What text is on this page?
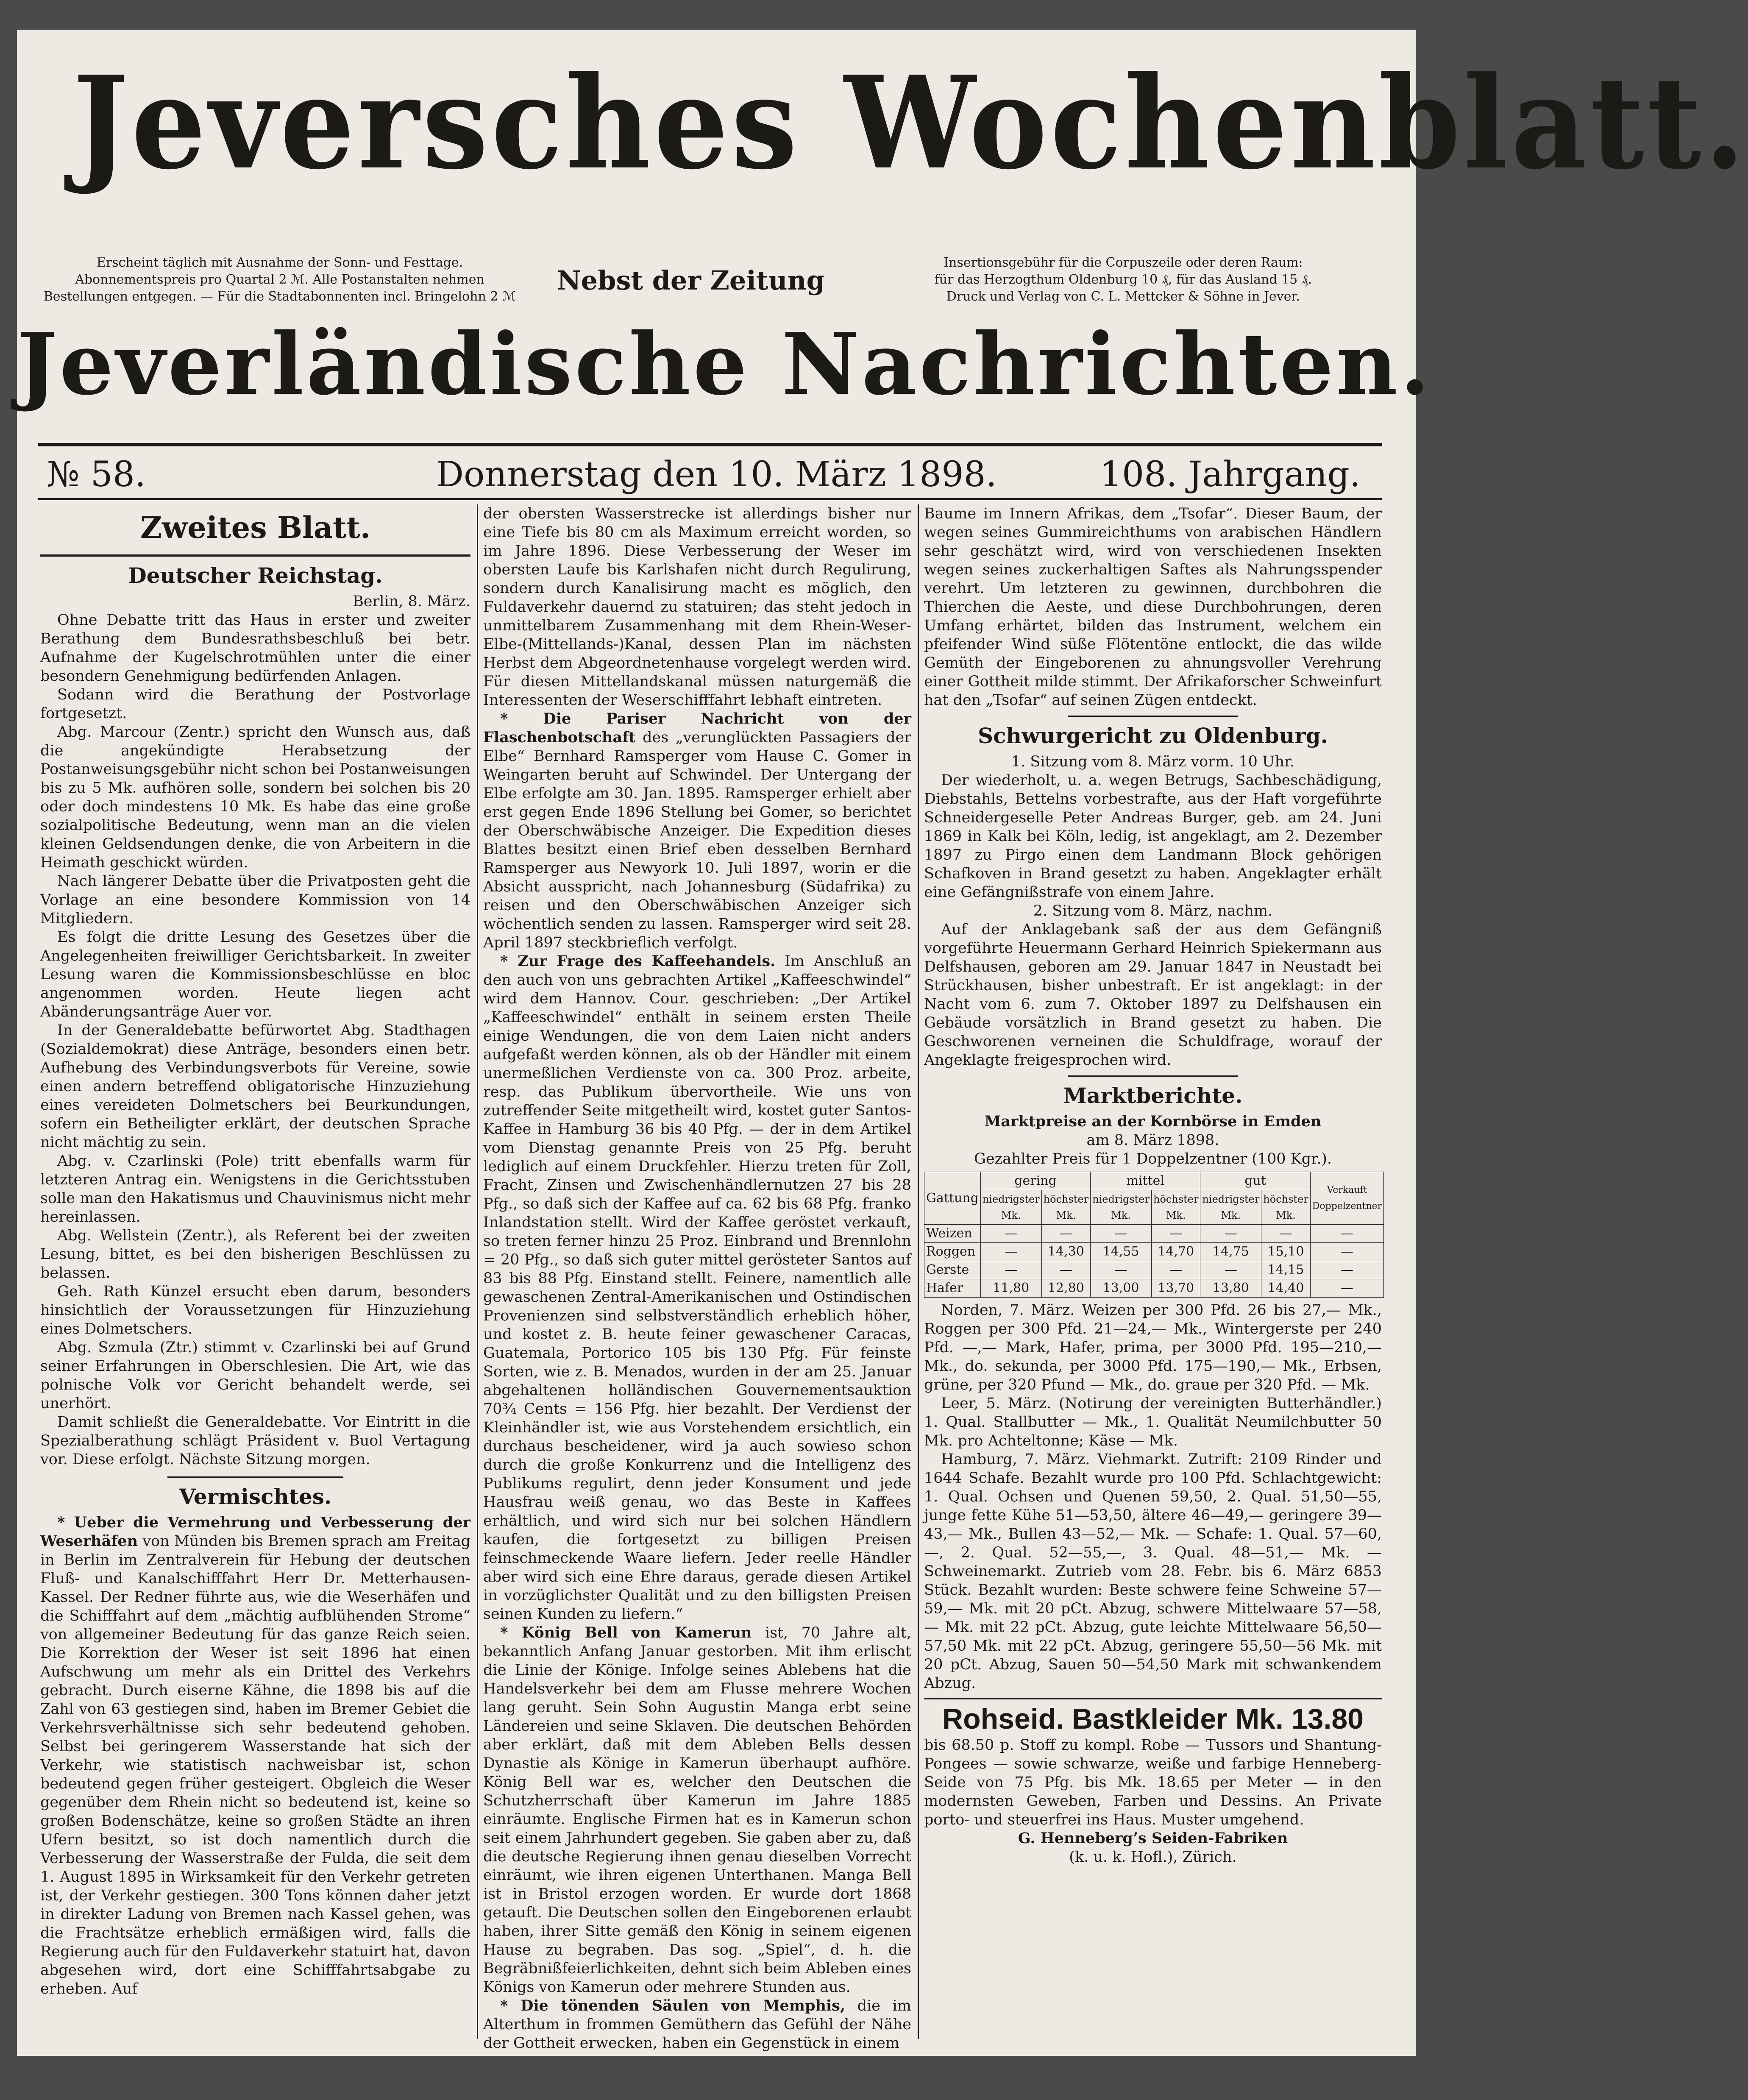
Jeversches Wochenblatt.
Erscheint täglich mit Ausnahme der Sonn- und Festtage.
Abonnementspreis pro Quartal 2 ℳ. Alle Postanstalten nehmen
Bestellungen entgegen. — Für die Stadtabonnenten incl. Bringelohn 2 ℳ
Nebst der Zeitung
Insertionsgebühr für die Corpuszeile oder deren Raum:
für das Herzogthum Oldenburg 10 ₰, für das Ausland 15 ₰.
Druck und Verlag von C. L. Mettcker & Söhne in Jever.
Jeverländische Nachrichten.
№ 58.	Donnerstag den 10. März 1898.	108. Jahrgang.
Zweites Blatt.
Deutscher Reichstag.

Berlin, 8. März.

Ohne Debatte tritt das Haus in erster und zweiter Berathung dem Bundesrathsbeschluß bei betr. Aufnahme der Kugelschrotmühlen unter die einer besondern Genehmigung bedürfenden Anlagen.

Sodann wird die Berathung der Postvorlage fortgesetzt.

Abg. Marcour (Zentr.) spricht den Wunsch aus, daß die angekündigte Herabsetzung der Postanweisungsgebühr nicht schon bei Postanweisungen bis zu 5 Mk. aufhören solle, sondern bei solchen bis 20 oder doch mindestens 10 Mk. Es habe das eine große sozialpolitische Bedeutung, wenn man an die vielen kleinen Geldsendungen denke, die von Arbeitern in die Heimath geschickt würden.

Nach längerer Debatte über die Privatposten geht die Vorlage an eine besondere Kommission von 14 Mitgliedern.

Es folgt die dritte Lesung des Gesetzes über die Angelegenheiten freiwilliger Gerichtsbarkeit. In zweiter Lesung waren die Kommissionsbeschlüsse en bloc angenommen worden. Heute liegen acht Abänderungsanträge Auer vor.

In der Generaldebatte befürwortet Abg. Stadthagen (Sozialdemokrat) diese Anträge, besonders einen betr. Aufhebung des Verbindungsverbots für Vereine, sowie einen andern betreffend obligatorische Hinzuziehung eines vereideten Dolmetschers bei Beurkundungen, sofern ein Betheiligter erklärt, der deutschen Sprache nicht mächtig zu sein.

Abg. v. Czarlinski (Pole) tritt ebenfalls warm für letzteren Antrag ein. Wenigstens in die Gerichtsstuben solle man den Hakatismus und Chauvinismus nicht mehr hereinlassen.

Abg. Wellstein (Zentr.), als Referent bei der zweiten Lesung, bittet, es bei den bisherigen Beschlüssen zu belassen.

Geh. Rath Künzel ersucht eben darum, besonders hinsichtlich der Voraussetzungen für Hinzuziehung eines Dolmetschers.

Abg. Szmula (Ztr.) stimmt v. Czarlinski bei auf Grund seiner Erfahrungen in Oberschlesien. Die Art, wie das polnische Volk vor Gericht behandelt werde, sei unerhört.

Damit schließt die Generaldebatte. Vor Eintritt in die Spezialberathung schlägt Präsident v. Buol Vertagung vor. Diese erfolgt. Nächste Sitzung morgen.

Vermischtes.

* Ueber die Vermehrung und Verbesserung der Weserhäfen von Münden bis Bremen sprach am Freitag in Berlin im Zentralverein für Hebung der deutschen Fluß- und Kanalschifffahrt Herr Dr. Metterhausen-Kassel. Der Redner führte aus, wie die Weserhäfen und die Schifffahrt auf dem „mächtig aufblühenden Strome“ von allgemeiner Bedeutung für das ganze Reich seien. Die Korrektion der Weser ist seit 1896 hat einen Aufschwung um mehr als ein Drittel des Verkehrs gebracht. Durch eiserne Kähne, die 1898 bis auf die Zahl von 63 gestiegen sind, haben im Bremer Gebiet die Verkehrsverhältnisse sich sehr bedeutend gehoben. Selbst bei geringerem Wasserstande hat sich der Verkehr, wie statistisch nachweisbar ist, schon bedeutend gegen früher gesteigert. Obgleich die Weser gegenüber dem Rhein nicht so bedeutend ist, keine so großen Bodenschätze, keine so großen Städte an ihren Ufern besitzt, so ist doch namentlich durch die Verbesserung der Wasserstraße der Fulda, die seit dem 1. August 1895 in Wirksamkeit für den Verkehr getreten ist, der Verkehr gestiegen. 300 Tons können daher jetzt in direkter Ladung von Bremen nach Kassel gehen, was die Frachtsätze erheblich ermäßigen wird, falls die Regierung auch für den Fuldaverkehr statuirt hat, davon abgesehen wird, dort eine Schifffahrtsabgabe zu erheben. Auf

der obersten Wasserstrecke ist allerdings bisher nur eine Tiefe bis 80 cm als Maximum erreicht worden, so im Jahre 1896. Diese Verbesserung der Weser im obersten Laufe bis Karlshafen nicht durch Regulirung, sondern durch Kanalisirung macht es möglich, den Fuldaverkehr dauernd zu statuiren; das steht jedoch in unmittelbarem Zusammenhang mit dem Rhein-Weser-Elbe-(Mittellands-)Kanal, dessen Plan im nächsten Herbst dem Abgeordnetenhause vorgelegt werden wird. Für diesen Mittellandskanal müssen naturgemäß die Interessenten der Weserschifffahrt lebhaft eintreten.

* Die Pariser Nachricht von der Flaschenbotschaft des „verunglückten Passagiers der Elbe“ Bernhard Ramsperger vom Hause C. Gomer in Weingarten beruht auf Schwindel. Der Untergang der Elbe erfolgte am 30. Jan. 1895. Ramsperger erhielt aber erst gegen Ende 1896 Stellung bei Gomer, so berichtet der Oberschwäbische Anzeiger. Die Expedition dieses Blattes besitzt einen Brief eben desselben Bernhard Ramsperger aus Newyork 10. Juli 1897, worin er die Absicht ausspricht, nach Johannesburg (Südafrika) zu reisen und den Oberschwäbischen Anzeiger sich wöchentlich senden zu lassen. Ramsperger wird seit 28. April 1897 steckbrieflich verfolgt.

* Zur Frage des Kaffeehandels. Im Anschluß an den auch von uns gebrachten Artikel „Kaffeeschwindel“ wird dem Hannov. Cour. geschrieben: „Der Artikel „Kaffeeschwindel“ enthält in seinem ersten Theile einige Wendungen, die von dem Laien nicht anders aufgefaßt werden können, als ob der Händler mit einem unermeßlichen Verdienste von ca. 300 Proz. arbeite, resp. das Publikum übervortheile. Wie uns von zutreffender Seite mitgetheilt wird, kostet guter Santos-Kaffee in Hamburg 36 bis 40 Pfg. — der in dem Artikel vom Dienstag genannte Preis von 25 Pfg. beruht lediglich auf einem Druckfehler. Hierzu treten für Zoll, Fracht, Zinsen und Zwischenhändlernutzen 27 bis 28 Pfg., so daß sich der Kaffee auf ca. 62 bis 68 Pfg. franko Inlandstation stellt. Wird der Kaffee geröstet verkauft, so treten ferner hinzu 25 Proz. Einbrand und Brennlohn = 20 Pfg., so daß sich guter mittel gerösteter Santos auf 83 bis 88 Pfg. Einstand stellt. Feinere, namentlich alle gewaschenen Zentral-Amerikanischen und Ostindischen Provenienzen sind selbstverständlich erheblich höher, und kostet z. B. heute feiner gewaschener Caracas, Guatemala, Portorico 105 bis 130 Pfg. Für feinste Sorten, wie z. B. Menados, wurden in der am 25. Januar abgehaltenen holländischen Gouvernementsauktion 70¾ Cents = 156 Pfg. hier bezahlt. Der Verdienst der Kleinhändler ist, wie aus Vorstehendem ersichtlich, ein durchaus bescheidener, wird ja auch sowieso schon durch die große Konkurrenz und die Intelligenz des Publikums regulirt, denn jeder Konsument und jede Hausfrau weiß genau, wo das Beste in Kaffees erhältlich, und wird sich nur bei solchen Händlern kaufen, die fortgesetzt zu billigen Preisen feinschmeckende Waare liefern. Jeder reelle Händler aber wird sich eine Ehre daraus, gerade diesen Artikel in vorzüglichster Qualität und zu den billigsten Preisen seinen Kunden zu liefern.“

* König Bell von Kamerun ist, 70 Jahre alt, bekanntlich Anfang Januar gestorben. Mit ihm erlischt die Linie der Könige. Infolge seines Ablebens hat die Handelsverkehr bei dem am Flusse mehrere Wochen lang geruht. Sein Sohn Augustin Manga erbt seine Ländereien und seine Sklaven. Die deutschen Behörden aber erklärt, daß mit dem Ableben Bells dessen Dynastie als Könige in Kamerun überhaupt aufhöre. König Bell war es, welcher den Deutschen die Schutzherrschaft über Kamerun im Jahre 1885 einräumte. Englische Firmen hat es in Kamerun schon seit einem Jahrhundert gegeben. Sie gaben aber zu, daß die deutsche Regierung ihnen genau dieselben Vorrecht einräumt, wie ihren eigenen Unterthanen. Manga Bell ist in Bristol erzogen worden. Er wurde dort 1868 getauft. Die Deutschen sollen den Eingeborenen erlaubt haben, ihrer Sitte gemäß den König in seinem eigenen Hause zu begraben. Das sog. „Spiel“, d. h. die Begräbnißfeierlichkeiten, dehnt sich beim Ableben eines Königs von Kamerun oder mehrere Stunden aus.

* Die tönenden Säulen von Memphis, die im Alterthum in frommen Gemüthern das Gefühl der Nähe der Gottheit erwecken, haben ein Gegenstück in einem

Baume im Innern Afrikas, dem „Tsofar“. Dieser Baum, der wegen seines Gummireichthums von arabischen Händlern sehr geschätzt wird, wird von verschiedenen Insekten wegen seines zuckerhaltigen Saftes als Nahrungsspender verehrt. Um letzteren zu gewinnen, durchbohren die Thierchen die Aeste, und diese Durchbohrungen, deren Umfang erhärtet, bilden das Instrument, welchem ein pfeifender Wind süße Flötentöne entlockt, die das wilde Gemüth der Eingeborenen zu ahnungsvoller Verehrung einer Gottheit milde stimmt. Der Afrikaforscher Schweinfurt hat den „Tsofar“ auf seinen Zügen entdeckt.

Schwurgericht zu Oldenburg.

1. Sitzung vom 8. März vorm. 10 Uhr.

Der wiederholt, u. a. wegen Betrugs, Sachbeschädigung, Diebstahls, Bettelns vorbestrafte, aus der Haft vorgeführte Schneidergeselle Peter Andreas Burger, geb. am 24. Juni 1869 in Kalk bei Köln, ledig, ist angeklagt, am 2. Dezember 1897 zu Pirgo einen dem Landmann Block gehörigen Schafkoven in Brand gesetzt zu haben. Angeklagter erhält eine Gefängnißstrafe von einem Jahre.

2. Sitzung vom 8. März, nachm.

Auf der Anklagebank saß der aus dem Gefängniß vorgeführte Heuermann Gerhard Heinrich Spiekermann aus Delfshausen, geboren am 29. Januar 1847 in Neustadt bei Strückhausen, bisher unbestraft. Er ist angeklagt: in der Nacht vom 6. zum 7. Oktober 1897 zu Delfshausen ein Gebäude vorsätzlich in Brand gesetzt zu haben. Die Geschworenen verneinen die Schuldfrage, worauf der Angeklagte freigesprochen wird.

Marktberichte.

Marktpreise an der Kornbörse in Emden

am 8. März 1898.

Gezahlter Preis für 1 Doppelzentner (100 Kgr.).

Gattung	gering		mittel		gut		Verkauft Doppelzentner
	niedrigster Mk.	höchster Mk.	niedrigster Mk.	höchster Mk.	niedrigster Mk.	höchster Mk.	
Weizen	—	—	—	—	—	—	—
Roggen	—	14,30	14,55	14,70	14,75	15,10	—
Gerste	—	—	—	—	—	14,15	—
Hafer	11,80	12,80	13,00	13,70	13,80	14,40	—

Norden, 7. März. Weizen per 300 Pfd. 26 bis 27,— Mk., Roggen per 300 Pfd. 21—24,— Mk., Wintergerste per 240 Pfd. —,— Mark, Hafer, prima, per 3000 Pfd. 195—210,— Mk., do. sekunda, per 3000 Pfd. 175—190,— Mk., Erbsen, grüne, per 320 Pfund — Mk., do. graue per 320 Pfd. — Mk.

Leer, 5. März. (Notirung der vereinigten Butterhändler.) 1. Qual. Stallbutter — Mk., 1. Qualität Neumilchbutter 50 Mk. pro Achteltonne; Käse — Mk.

Hamburg, 7. März. Viehmarkt. Zutrift: 2109 Rinder und 1644 Schafe. Bezahlt wurde pro 100 Pfd. Schlachtgewicht: 1. Qual. Ochsen und Quenen 59,50, 2. Qual. 51,50—55, junge fette Kühe 51—53,50, ältere 46—49,— geringere 39—43,— Mk., Bullen 43—52,— Mk. — Schafe: 1. Qual. 57—60,—, 2. Qual. 52—55,—, 3. Qual. 48—51,— Mk. — Schweinemarkt. Zutrieb vom 28. Febr. bis 6. März 6853 Stück. Bezahlt wurden: Beste schwere feine Schweine 57—59,— Mk. mit 20 pCt. Abzug, schwere Mittelwaare 57—58,— Mk. mit 22 pCt. Abzug, gute leichte Mittelwaare 56,50—57,50 Mk. mit 22 pCt. Abzug, geringere 55,50—56 Mk. mit 20 pCt. Abzug, Sauen 50—54,50 Mark mit schwankendem Abzug.

Rohseid. Bastkleider Mk. 13.80

bis 68.50 p. Stoff zu kompl. Robe — Tussors und Shantung-Pongees — sowie schwarze, weiße und farbige Henneberg-Seide von 75 Pfg. bis Mk. 18.65 per Meter — in den modernsten Geweben, Farben und Dessins. An Private porto- und steuerfrei ins Haus. Muster umgehend.

G. Henneberg’s Seiden-Fabriken

(k. u. k. Hofl.), Zürich.
